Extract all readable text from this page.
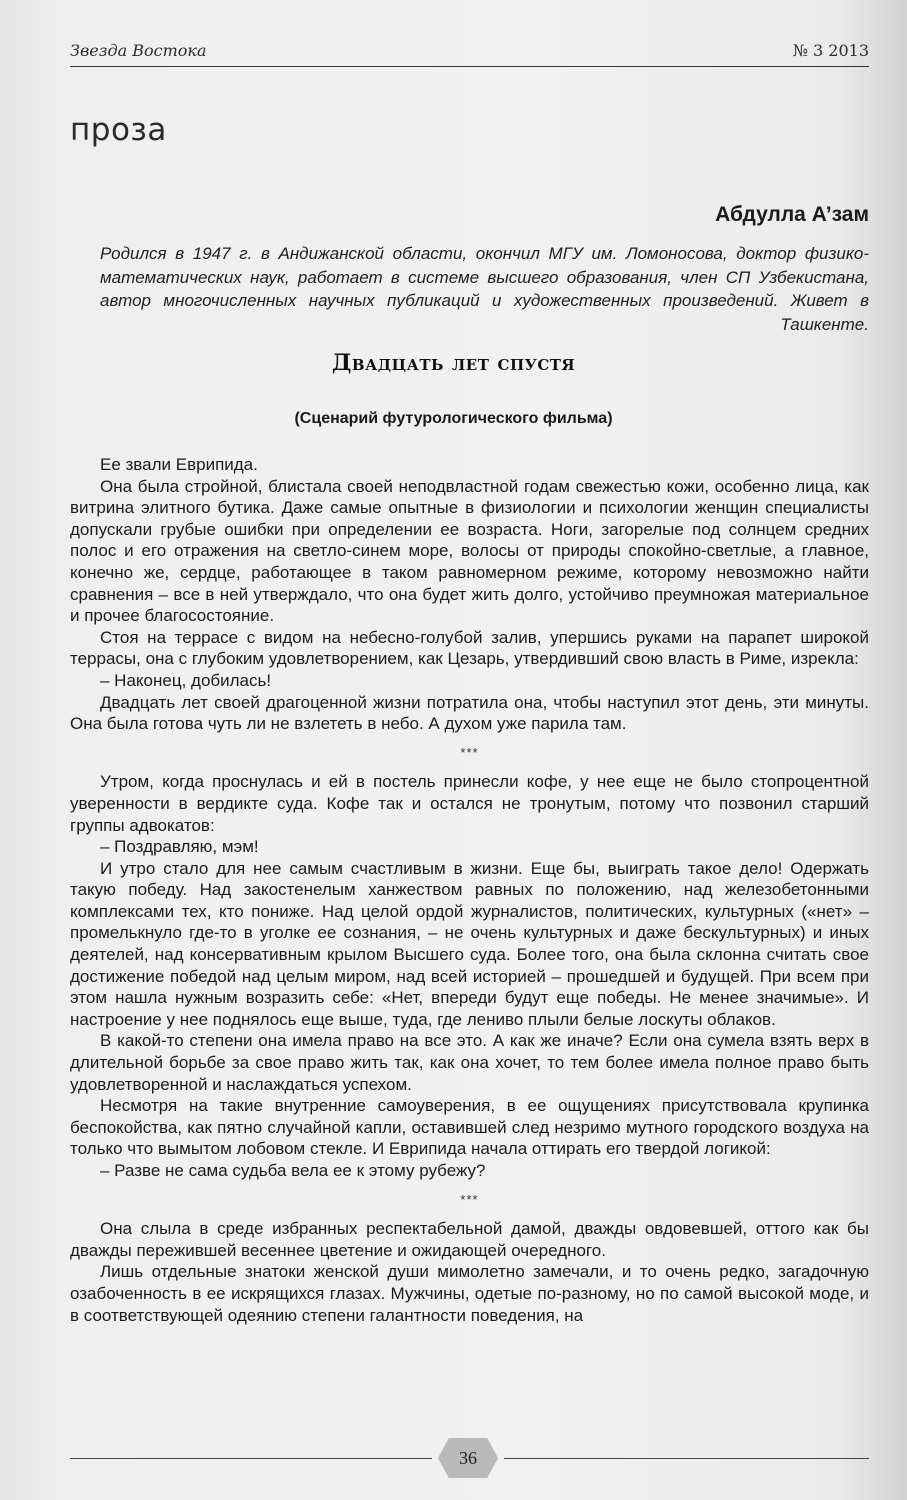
Звезда Востока	№ 3 2013
проза
Абдулла А’зам
Родился в 1947 г. в Андижанской области, окончил МГУ им. Ломоносова, доктор физико-математических наук, работает в системе высшего образования, член СП Узбекистана, автор многочисленных научных публикаций и художественных произведений. Живет в Ташкенте.
Двадцать лет спустя
(Сценарий футурологического фильма)

Ее звали Еврипида.

Она была стройной, блистала своей неподвластной годам свежестью кожи, особенно лица, как витрина элитного бутика. Даже самые опытные в физиологии и психологии женщин специалисты допускали грубые ошибки при определении ее возраста. Ноги, загорелые под солнцем средних полос и его отражения на светло-синем море, волосы от природы спокойно-светлые, а главное, конечно же, сердце, работающее в таком равномерном режиме, которому невозможно найти сравнения – все в ней утверждало, что она будет жить долго, устойчиво преумножая материальное и прочее благосостояние.

Стоя на террасе с видом на небесно-голубой залив, упершись руками на парапет широкой террасы, она с глубоким удовлетворением, как Цезарь, утвердивший свою власть в Риме, изрекла:

– Наконец, добилась!

Двадцать лет своей драгоценной жизни потратила она, чтобы наступил этот день, эти минуты. Она была готова чуть ли не взлететь в небо. А духом уже парила там.

***

Утром, когда проснулась и ей в постель принесли кофе, у нее еще не было стопроцентной уверенности в вердикте суда. Кофе так и остался не тронутым, потому что позвонил старший группы адвокатов:

– Поздравляю, мэм!

И утро стало для нее самым счастливым в жизни. Еще бы, выиграть такое дело! Одержать такую победу. Над закостенелым ханжеством равных по положению, над железобетонными комплексами тех, кто пониже. Над целой ордой журналистов, политических, культурных («нет» – промелькнуло где-то в уголке ее сознания, – не очень культурных и даже бескультурных) и иных деятелей, над консервативным крылом Высшего суда. Более того, она была склонна считать свое достижение победой над целым миром, над всей историей – прошедшей и будущей. При всем при этом нашла нужным возразить себе: «Нет, впереди будут еще победы. Не менее значимые». И настроение у нее поднялось еще выше, туда, где лениво плыли белые лоскуты облаков.

В какой-то степени она имела право на все это. А как же иначе? Если она сумела взять верх в длительной борьбе за свое право жить так, как она хочет, то тем более имела полное право быть удовлетворенной и наслаждаться успехом.

Несмотря на такие внутренние самоуверения, в ее ощущениях присутствовала крупинка беспокойства, как пятно случайной капли, оставившей след незримо мутного городского воздуха на только что вымытом лобовом стекле. И Еврипида начала оттирать его твердой логикой:

– Разве не сама судьба вела ее к этому рубежу?

***

Она слыла в среде избранных респектабельной дамой, дважды овдовевшей, оттого как бы дважды пережившей весеннее цветение и ожидающей очередного.

Лишь отдельные знатоки женской души мимолетно замечали, и то очень редко, загадочную озабоченность в ее искрящихся глазах. Мужчины, одетые по-разному, но по самой высокой моде, и в соответствующей одеянию степени галантности поведения, на

36
